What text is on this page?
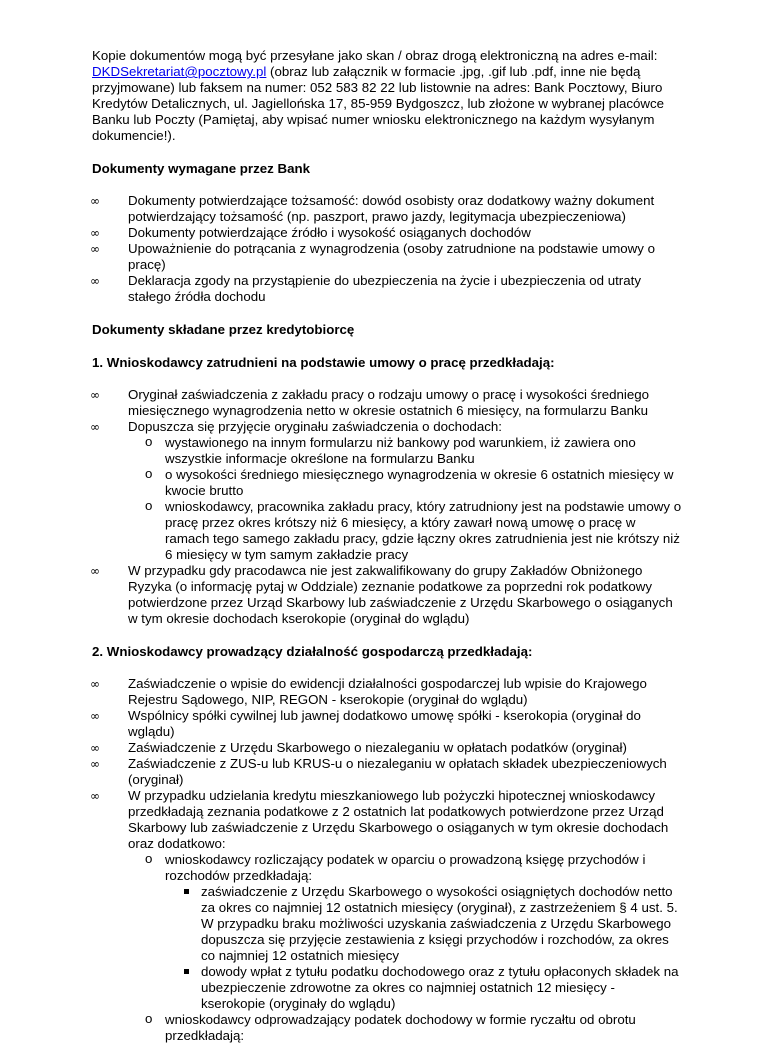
Kopie dokumentów mogą być przesyłane jako skan / obraz drogą elektroniczną na adres e-mail: DKDSekretariat@pocztowy.pl (obraz lub załącznik w formacie .jpg, .gif lub .pdf, inne nie będą przyjmowane) lub faksem na numer: 052 583 82 22 lub listownie na adres: Bank Pocztowy, Biuro Kredytów Detalicznych, ul. Jagiellońska 17, 85-959 Bydgoszcz, lub złożone w wybranej placówce Banku lub Poczty (Pamiętaj, aby wpisać numer wniosku elektronicznego na każdym wysyłanym dokumencie!).

Dokumenty wymagane przez Bank

∞ Dokumenty potwierdzające tożsamość: dowód osobisty oraz dodatkowy ważny dokument potwierdzający tożsamość (np. paszport, prawo jazdy, legitymacja ubezpieczeniowa)
∞ Dokumenty potwierdzające źródło i wysokość osiąganych dochodów
∞ Upoważnienie do potrącania z wynagrodzenia (osoby zatrudnione na podstawie umowy o pracę)
∞ Deklaracja zgody na przystąpienie do ubezpieczenia na życie i ubezpieczenia od utraty stałego źródła dochodu

Dokumenty składane przez kredytobiorcę

1. Wnioskodawcy zatrudnieni na podstawie umowy o pracę przedkładają:

∞ Oryginał zaświadczenia z zakładu pracy o rodzaju umowy o pracę i wysokości średniego miesięcznego wynagrodzenia netto w okresie ostatnich 6 miesięcy, na formularzu Banku
∞ Dopuszcza się przyjęcie oryginału zaświadczenia o dochodach:
o wystawionego na innym formularzu niż bankowy pod warunkiem, iż zawiera ono wszystkie informacje określone na formularzu Banku
o o wysokości średniego miesięcznego wynagrodzenia w okresie 6 ostatnich miesięcy w kwocie brutto
o wnioskodawcy, pracownika zakładu pracy, który zatrudniony jest na podstawie umowy o pracę przez okres krótszy niż 6 miesięcy, a który zawarł nową umowę o pracę w ramach tego samego zakładu pracy, gdzie łączny okres zatrudnienia jest nie krótszy niż 6 miesięcy w tym samym zakładzie pracy
∞ W przypadku gdy pracodawca nie jest zakwalifikowany do grupy Zakładów Obniżonego Ryzyka (o informację pytaj w Oddziale) zeznanie podatkowe za poprzedni rok podatkowy potwierdzone przez Urząd Skarbowy lub zaświadczenie z Urzędu Skarbowego o osiąganych w tym okresie dochodach kserokopie (oryginał do wglądu)

2. Wnioskodawcy prowadzący działalność gospodarczą przedkładają:

∞ Zaświadczenie o wpisie do ewidencji działalności gospodarczej lub wpisie do Krajowego Rejestru Sądowego, NIP, REGON - kserokopie (oryginał do wglądu)
∞ Wspólnicy spółki cywilnej lub jawnej dodatkowo umowę spółki - kserokopia (oryginał do wglądu)
∞ Zaświadczenie z Urzędu Skarbowego o niezaleganiu w opłatach podatków (oryginał)
∞ Zaświadczenie z ZUS-u lub KRUS-u o niezaleganiu w opłatach składek ubezpieczeniowych (oryginał)
∞ W przypadku udzielania kredytu mieszkaniowego lub pożyczki hipotecznej wnioskodawcy przedkładają zeznania podatkowe z 2 ostatnich lat podatkowych potwierdzone przez Urząd Skarbowy lub zaświadczenie z Urzędu Skarbowego o osiąganych w tym okresie dochodach oraz dodatkowo:
o wnioskodawcy rozliczający podatek w oparciu o prowadzoną księgę przychodów i rozchodów przedkładają:
zaświadczenie z Urzędu Skarbowego o wysokości osiągniętych dochodów netto za okres co najmniej 12 ostatnich miesięcy (oryginał), z zastrzeżeniem § 4 ust. 5. W przypadku braku możliwości uzyskania zaświadczenia z Urzędu Skarbowego dopuszcza się przyjęcie zestawienia z księgi przychodów i rozchodów, za okres co najmniej 12 ostatnich miesięcy
dowody wpłat z tytułu podatku dochodowego oraz z tytułu opłaconych składek na ubezpieczenie zdrowotne za okres co najmniej ostatnich 12 miesięcy - kserokopie (oryginały do wglądu)
o wnioskodawcy odprowadzający podatek dochodowy w formie ryczałtu od obrotu przedkładają:
